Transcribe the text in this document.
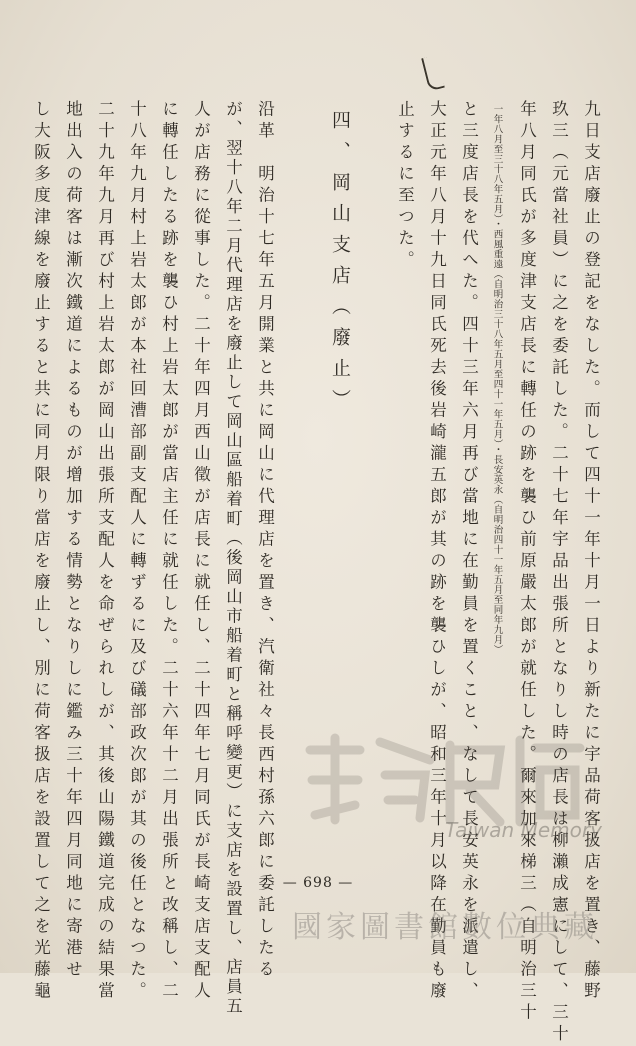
九日支店廢止の登記をなした。而して四十一年十月一日より新たに宇品荷客扱店を置き、藤野
玖三（元當社員）に之を委託した。二十七年宇品出張所となりし時の店長は柳瀨成憲にして、三十
年八月同氏が多度津支店長に轉任の跡を襲ひ前原嚴太郎が就任した。爾來加來梯三（自明治三十
一年八月至三十八年五月）・西風重遠（自明治三十八年五月至四十一年五月）・長安英永（自明治四十一年五月至同年九月）
と三度店長を代へた。四十三年六月再び當地に在勤員を置くこと、なして長安英永を派遣し、
大正元年八月十九日同氏死去後岩崎瀧五郎が其の跡を襲ひしが、昭和三年十月以降在勤員も廢
止するに至つた。
四、岡山支店（廢止）
沿革　明治十七年五月開業と共に岡山に代理店を置き、汽衛社々長西村孫六郎に委託したる
が、翌十八年二月代理店を廢止して岡山區船着町（後岡山市船着町と稱呼變更）に支店を設置し、店員五
人が店務に從事した。二十年四月西山徵が店長に就任し、二十四年七月同氏が長崎支店支配人
に轉任したる跡を襲ひ村上岩太郎が當店主任に就任した。二十六年十二月出張所と改稱し、二
十八年九月村上岩太郎が本社回漕部副支配人に轉ずるに及び礒部政次郎が其の後任となつた。
二十九年九月再び村上岩太郎が岡山出張所支配人を命ぜられしが、其後山陽鐵道完成の結果當
地出入の荷客は漸次鐵道によるものが增加する情勢となりしに鑑み三十年四月同地に寄港せ
し大阪多度津線を廢止すると共に同月限り當店を廢止し、別に荷客扱店を設置して之を光藤龜	— 698 —
Taiwan Memory
國家圖書館數位典藏
